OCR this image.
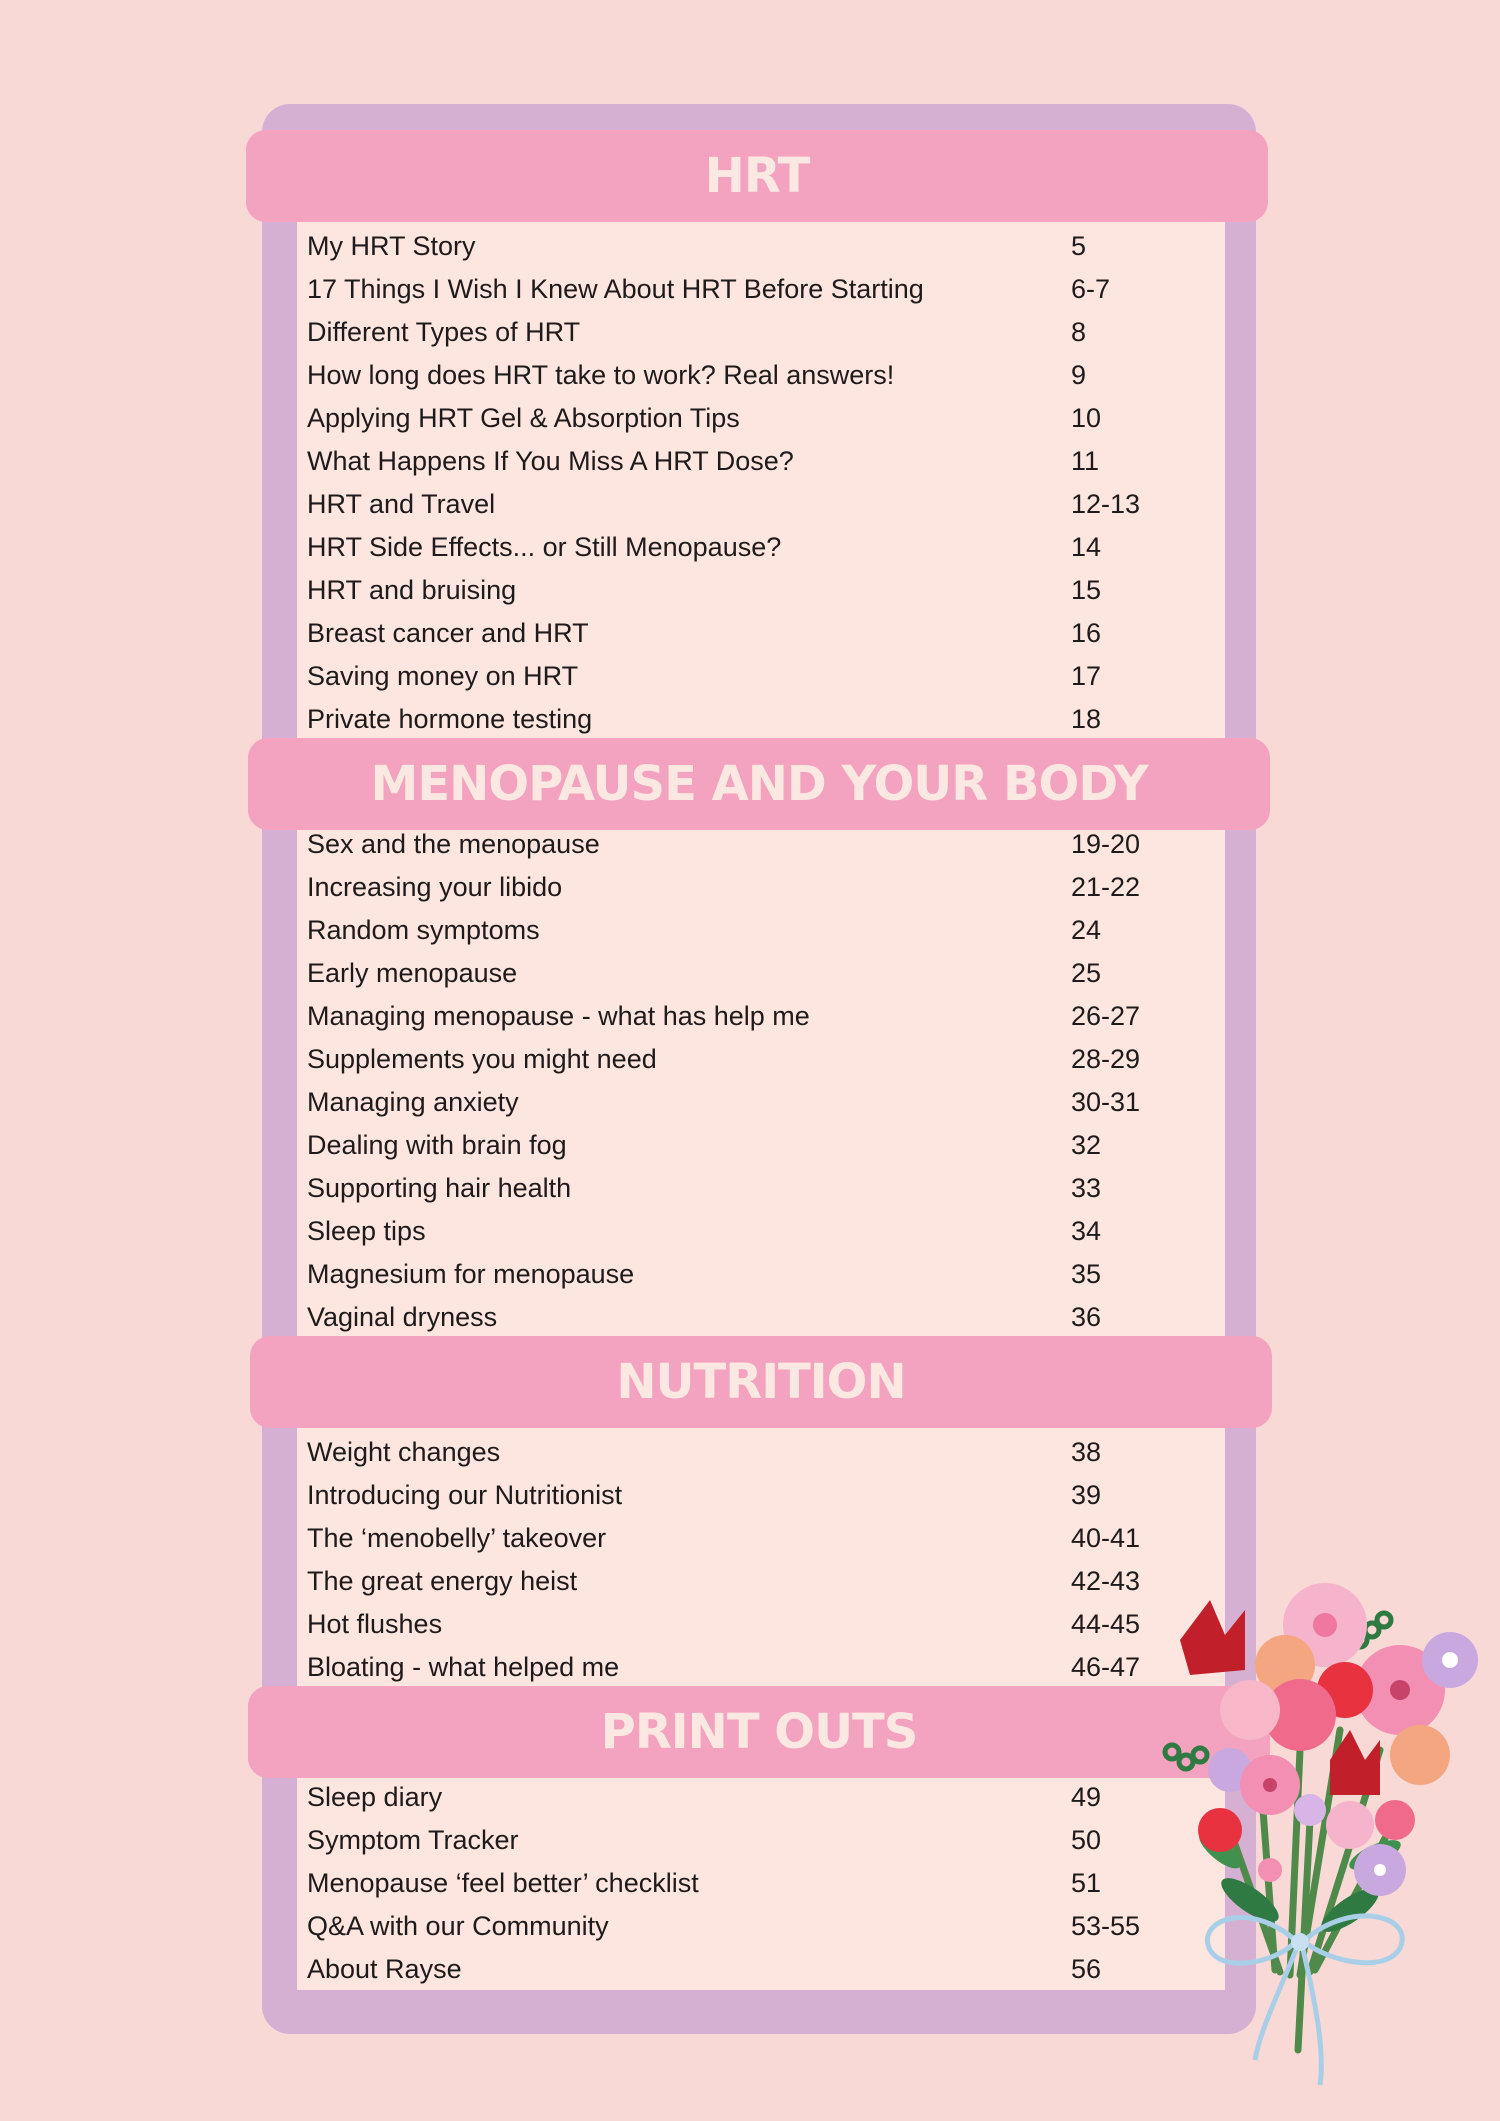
HRT
My HRT Story	5
17 Things I Wish I Knew About HRT Before Starting	6-7
Different Types of HRT	8
How long does HRT take to work? Real answers!	9
Applying HRT Gel & Absorption Tips	10
What Happens If You Miss A HRT Dose?	11
HRT and Travel	12-13
HRT Side Effects... or Still Menopause?	14
HRT and bruising	15
Breast cancer and HRT	16
Saving money on HRT	17
Private hormone testing	18
MENOPAUSE AND YOUR BODY
Sex and the menopause	19-20
Increasing your libido	21-22
Random symptoms	24
Early menopause	25
Managing menopause - what has help me	26-27
Supplements you might need	28-29
Managing anxiety	30-31
Dealing with brain fog	32
Supporting hair health	33
Sleep tips	34
Magnesium for menopause	35
Vaginal dryness	36
NUTRITION
Weight changes	38
Introducing our Nutritionist	39
The ‘menobelly’ takeover	40-41
The great energy heist	42-43
Hot flushes	44-45
Bloating - what helped me	46-47
PRINT OUTS
Sleep diary	49
Symptom Tracker	50
Menopause ‘feel better’ checklist	51
Q&A with our Community	53-55
About Rayse	56
